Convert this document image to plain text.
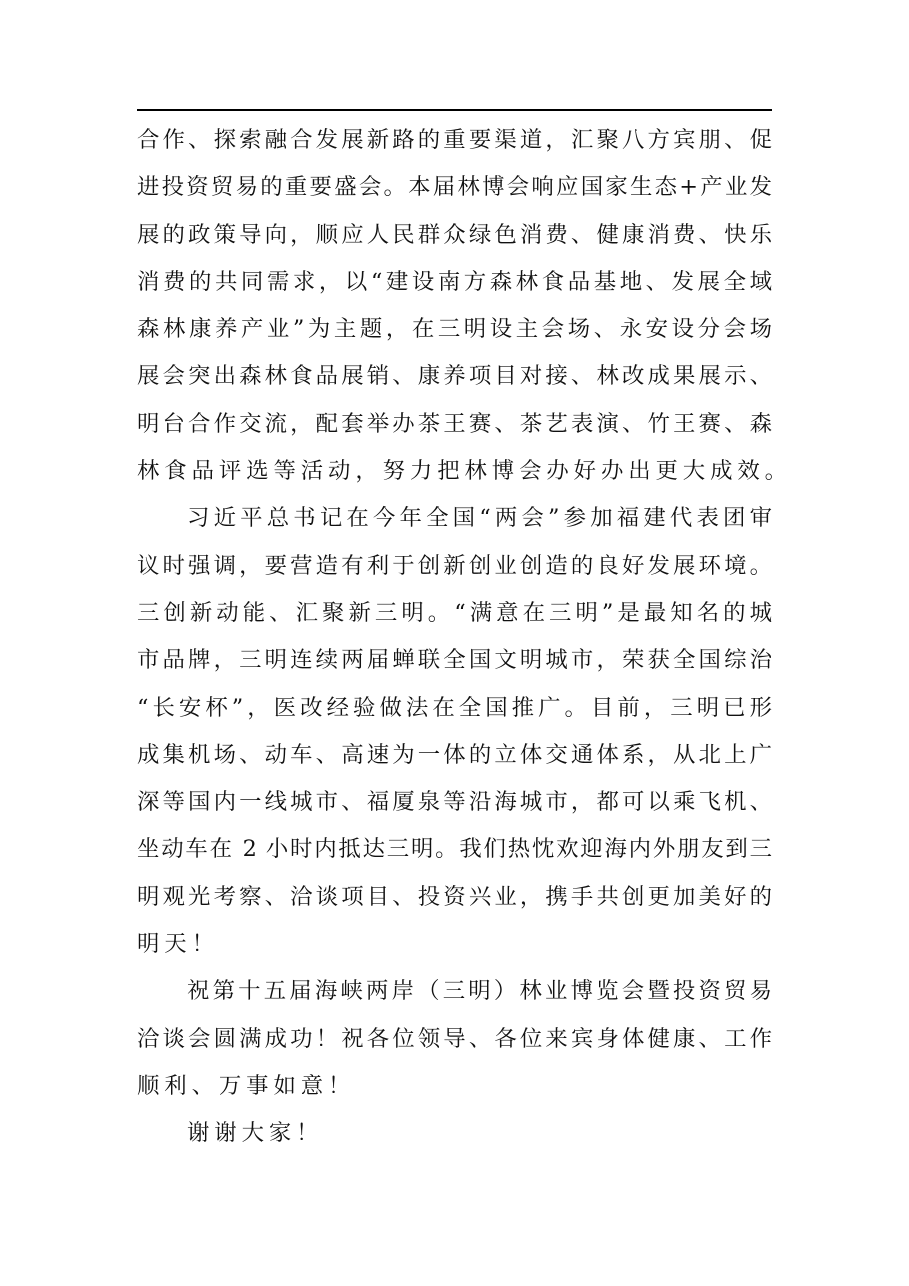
合作、探索融合发展新路的重要渠道，汇聚八方宾朋、促
进投资贸易的重要盛会。本届林博会响应国家生态+产业发
展的政策导向，顺应人民群众绿色消费、健康消费、快乐
消费的共同需求，以“建设南方森林食品基地、发展全域
森林康养产业”为主题，在三明设主会场、永安设分会场
展会突出森林食品展销、康养项目对接、林改成果展示、
明台合作交流，配套举办茶王赛、茶艺表演、竹王赛、森
林食品评选等活动，努力把林博会办好办出更大成效。
习近平总书记在今年全国“两会”参加福建代表团审
议时强调，要营造有利于创新创业创造的良好发展环境。
三创新动能、汇聚新三明。“满意在三明”是最知名的城
市品牌，三明连续两届蝉联全国文明城市，荣获全国综治
“长安杯”，医改经验做法在全国推广。目前，三明已形
成集机场、动车、高速为一体的立体交通体系，从北上广
深等国内一线城市、福厦泉等沿海城市，都可以乘飞机、
坐动车在 2 小时内抵达三明。我们热忱欢迎海内外朋友到三
明观光考察、洽谈项目、投资兴业，携手共创更加美好的
明天！
祝第十五届海峡两岸（三明）林业博览会暨投资贸易
洽谈会圆满成功！祝各位领导、各位来宾身体健康、工作
顺利、万事如意！
谢谢大家！
